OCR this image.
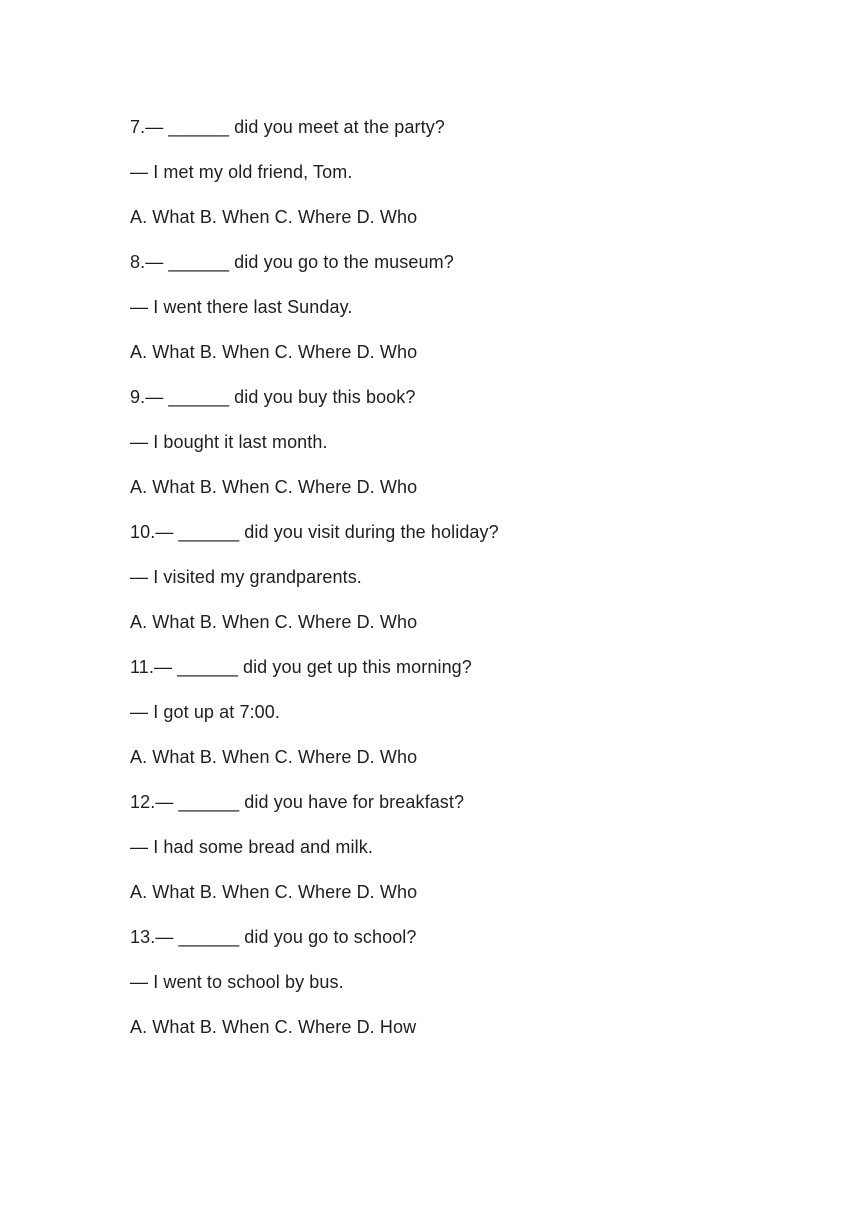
7.— ______ did you meet at the party?
— I met my old friend, Tom.
A. What B. When C. Where D. Who
8.— ______ did you go to the museum?
— I went there last Sunday.
A. What B. When C. Where D. Who
9.— ______ did you buy this book?
— I bought it last month.
A. What B. When C. Where D. Who
10.— ______ did you visit during the holiday?
— I visited my grandparents.
A. What B. When C. Where D. Who
11.— ______ did you get up this morning?
— I got up at 7:00.
A. What B. When C. Where D. Who
12.— ______ did you have for breakfast?
— I had some bread and milk.
A. What B. When C. Where D. Who
13.— ______ did you go to school?
— I went to school by bus.
A. What B. When C. Where D. How
